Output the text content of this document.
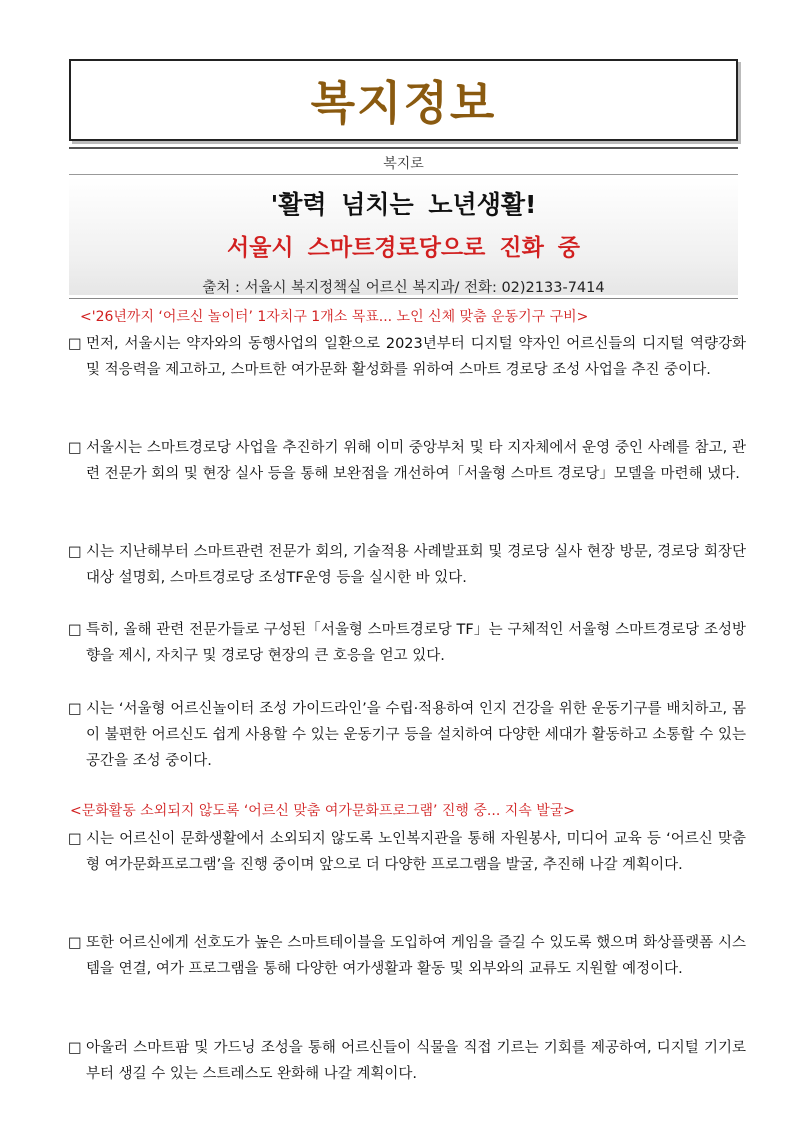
복지정보
복지로
'활력 넘치는 노년생활!
서울시 스마트경로당으로 진화 중
출처 : 서울시 복지정책실 어르신 복지과/ 전화: 02)2133-7414
<'26년까지 ‘어르신 놀이터’ 1자치구 1개소 목표... 노인 신체 맞춤 운동기구 구비>
□ 먼저, 서울시는 약자와의 동행사업의 일환으로 2023년부터 디지털 약자인 어르신들의 디지털 역량강화 및 적응력을 제고하고, 스마트한 여가문화 활성화를 위하여 스마트 경로당 조성 사업을 추진 중이다.
□ 서울시는 스마트경로당 사업을 추진하기 위해 이미 중앙부처 및 타 지자체에서 운영 중인 사례를 참고, 관련 전문가 회의 및 현장 실사 등을 통해 보완점을 개선하여「서울형 스마트 경로당」모델을 마련해 냈다.
□ 시는 지난해부터 스마트관련 전문가 회의, 기술적용 사례발표회 및 경로당 실사 현장 방문, 경로당 회장단 대상 설명회, 스마트경로당 조성TF운영 등을 실시한 바 있다.
□ 특히, 올해 관련 전문가들로 구성된「서울형 스마트경로당 TF」는 구체적인 서울형 스마트경로당 조성방향을 제시, 자치구 및 경로당 현장의 큰 호응을 얻고 있다.
□ 시는 ‘서울형 어르신놀이터 조성 가이드라인’을 수립·적용하여 인지 건강을 위한 운동기구를 배치하고, 몸이 불편한 어르신도 쉽게 사용할 수 있는 운동기구 등을 설치하여 다양한 세대가 활동하고 소통할 수 있는 공간을 조성 중이다.
<문화활동 소외되지 않도록 ‘어르신 맞춤 여가문화프로그램’ 진행 중... 지속 발굴>
□ 시는 어르신이 문화생활에서 소외되지 않도록 노인복지관을 통해 자원봉사, 미디어 교육 등 ‘어르신 맞춤형 여가문화프로그램’을 진행 중이며 앞으로 더 다양한 프로그램을 발굴, 추진해 나갈 계획이다.
□ 또한 어르신에게 선호도가 높은 스마트테이블을 도입하여 게임을 즐길 수 있도록 했으며 화상플랫폼 시스템을 연결, 여가 프로그램을 통해 다양한 여가생활과 활동 및 외부와의 교류도 지원할 예정이다.
□ 아울러 스마트팜 및 가드닝 조성을 통해 어르신들이 식물을 직접 기르는 기회를 제공하여, 디지털 기기로부터 생길 수 있는 스트레스도 완화해 나갈 계획이다.
